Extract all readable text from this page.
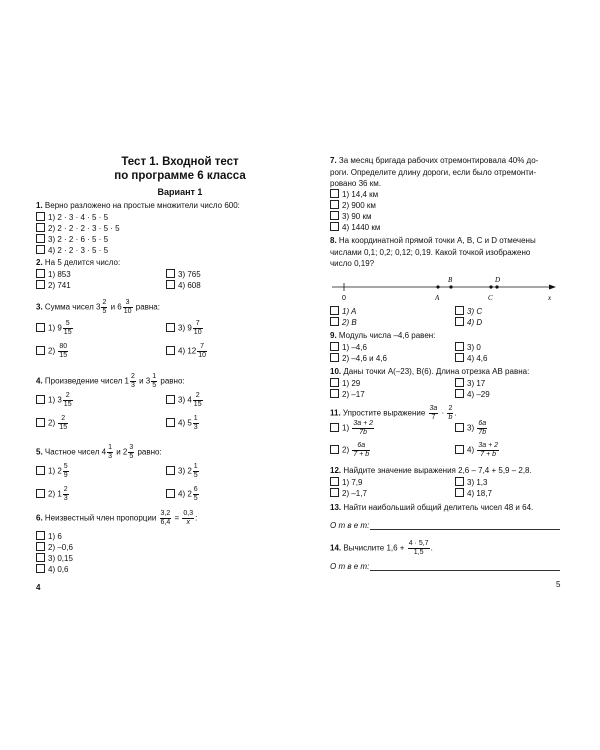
Тест 1. Входной тест
по программе 6 класса
Вариант 1
1. Верно разложено на простые множители число 600:
1) 2 · 3 · 4 · 5 · 5
2) 2 · 2 · 2 · 3 · 5 · 5
3) 2 · 2 · 6 · 5 · 5
4) 2 · 2 · 3 · 5 · 5
2. На 5 делится число:
1) 853
2) 741
3) 765
4) 608
3. Сумма чисел $3 \frac{2}{5}$ и $6 \frac{3}{10}$ равна:
1) $9 \frac{5}{15}$
$2) \frac{80}{15}$
3) $9 \frac{7}{10}$
4) $12 \frac{7}{10}$
4. Произведение чисел $1 \frac{2}{3}$ и $3 \frac{1}{5}$ равно:
1) $3 \frac{2}{15}$
$2) \frac{2}{15}$
3) $4 \frac{2}{15}$
4) $5 \frac{1}{3}$
5. Частное чисел $4 \frac{1}{3}$ и $2 \frac{3}{5}$ равно:
1) $2 \frac{5}{9}$
2) $1 \frac{2}{3}$
3) $2 \frac{1}{5}$
4) $2 \frac{6}{5}$
6. Неизвестный член пропорции $\frac{3,2}{6,4} = \frac{0,3}{x}$ :
1) 6
2) –0,6
3) 0,15
4) 0,6
4
7. За месяц бригада рабочих отремонтировала 40% до-
роги. Определите длину дороги, если было отремонти-
ровано 36 км.
1) 14,4 км
2) 900 км
3) 90 км
4) 1440 км
8. На координатной прямой точки A, B, C и D отмечены
числами 0,1; 0,2; 0,12; 0,19. Какой точкой изображено
число 0,19?
0	A
B
C
D
x
1) A
2) B
3) C
4) D
9. Модуль числа –4,6 равен:
1) –4,6
2) –4,6 и 4,6
3) 0
4) 4,6
10. Даны точки A(–23), B(6). Длина отрезка AB равна:
1) 29
2) –17
3) 17
4) –29
11. Упростите выражение $\frac{3a}{7} \cdot \frac{2}{b}$ .
$1) \frac{3a + 2}{7b}$
$2) \frac{6a}{7 + b}$
$3) \frac{6a}{7b}$
$4) \frac{3a + 2}{7 + b}$
12. Найдите значение выражения 2,6 – 7,4 + 5,9 – 2,8.
1) 7,9
2) –1,7
3) 1,3
4) 18,7
13. Найти наибольший общий делитель чисел 48 и 64.
О т в е т:
14. Вычислите $1,6 + \frac{4 \cdot 5,7}{1,5}$ .
О т в е т:
5
